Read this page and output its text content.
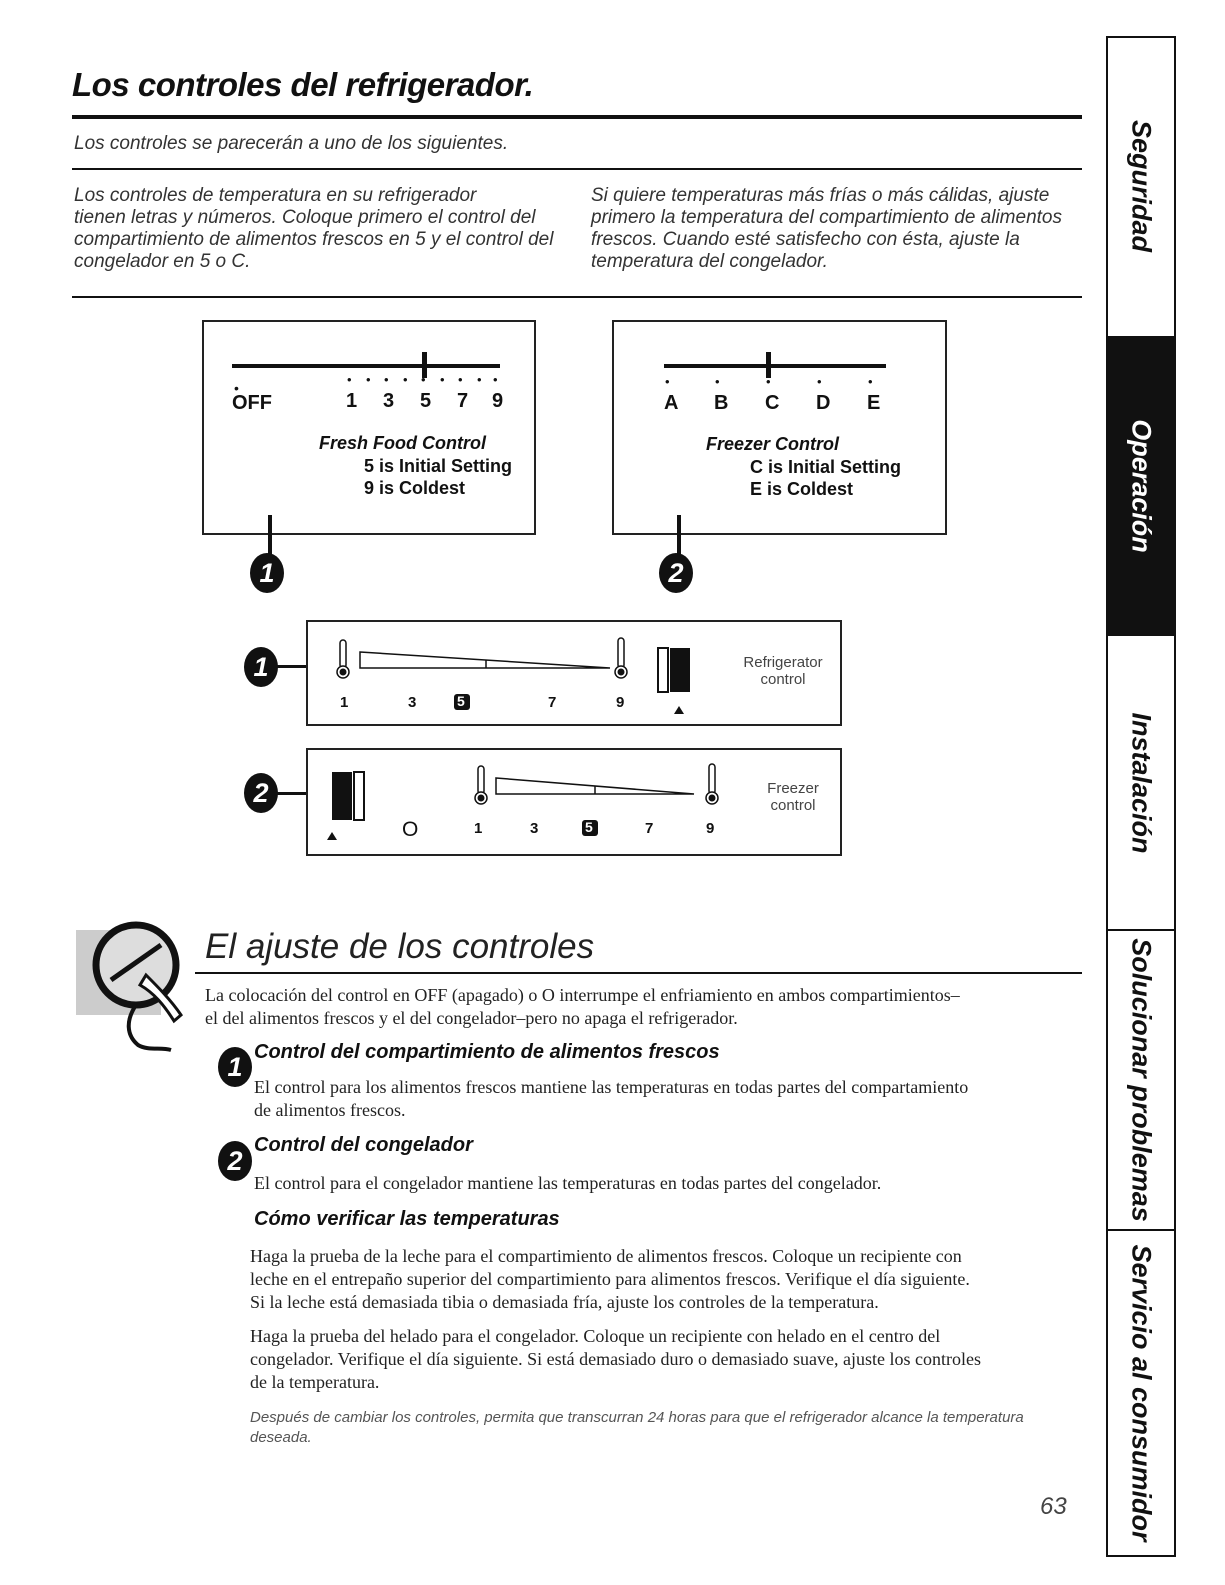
Los controles del refrigerador.
Los controles se parecerán a uno de los siguientes.
Los controles de temperatura en su refrigerador
tienen letras y números. Coloque primero el control del
compartimiento de alimentos frescos en 5 y el control del
congelador en 5 o C.
Si quiere temperaturas más frías o más cálidas, ajuste
primero la temperatura del compartimiento de alimentos
frescos. Cuando esté satisfecho con ésta, ajuste la
temperatura del congelador.
OFF
•
1 3 5 7 9
• • • • • • • • •
Fresh Food Control
5 is Initial Setting
9 is Coldest
1
A B C D E
•	•	•	•	•
Freezer Control
C is Initial Setting
E is Coldest
2
1
1	3	5	7	9
Refrigerator
control
2
O	1	3	5	7	9
Freezer
control
El ajuste de los controles
La colocación del control en OFF (apagado) o O interrumpe el enfriamiento en ambos compartimientos–
el del alimentos frescos y el del congelador–pero no apaga el refrigerador.
1 Control del compartimiento de alimentos frescos
El control para los alimentos frescos mantiene las temperaturas en todas partes del compartamiento
de alimentos frescos.
2
Control del congelador
El control para el congelador mantiene las temperaturas en todas partes del congelador.
Cómo verificar las temperaturas
Haga la prueba de la leche para el compartimiento de alimentos frescos. Coloque un recipiente con
leche en el entrepaño superior del compartimiento para alimentos frescos. Verifique el día siguiente.
Si la leche está demasiada tibia o demasiada fría, ajuste los controles de la temperatura.
Haga la prueba del helado para el congelador. Coloque un recipiente con helado en el centro del
congelador. Verifique el día siguiente. Si está demasiado duro o demasiado suave, ajuste los controles
de la temperatura.
Después de cambiar los controles, permita que transcurran 24 horas para que el refrigerador alcance la temperatura
deseada.
63
Seguridad
Operación
Instalación
Solucionar problemas
Servicio al consumidor
